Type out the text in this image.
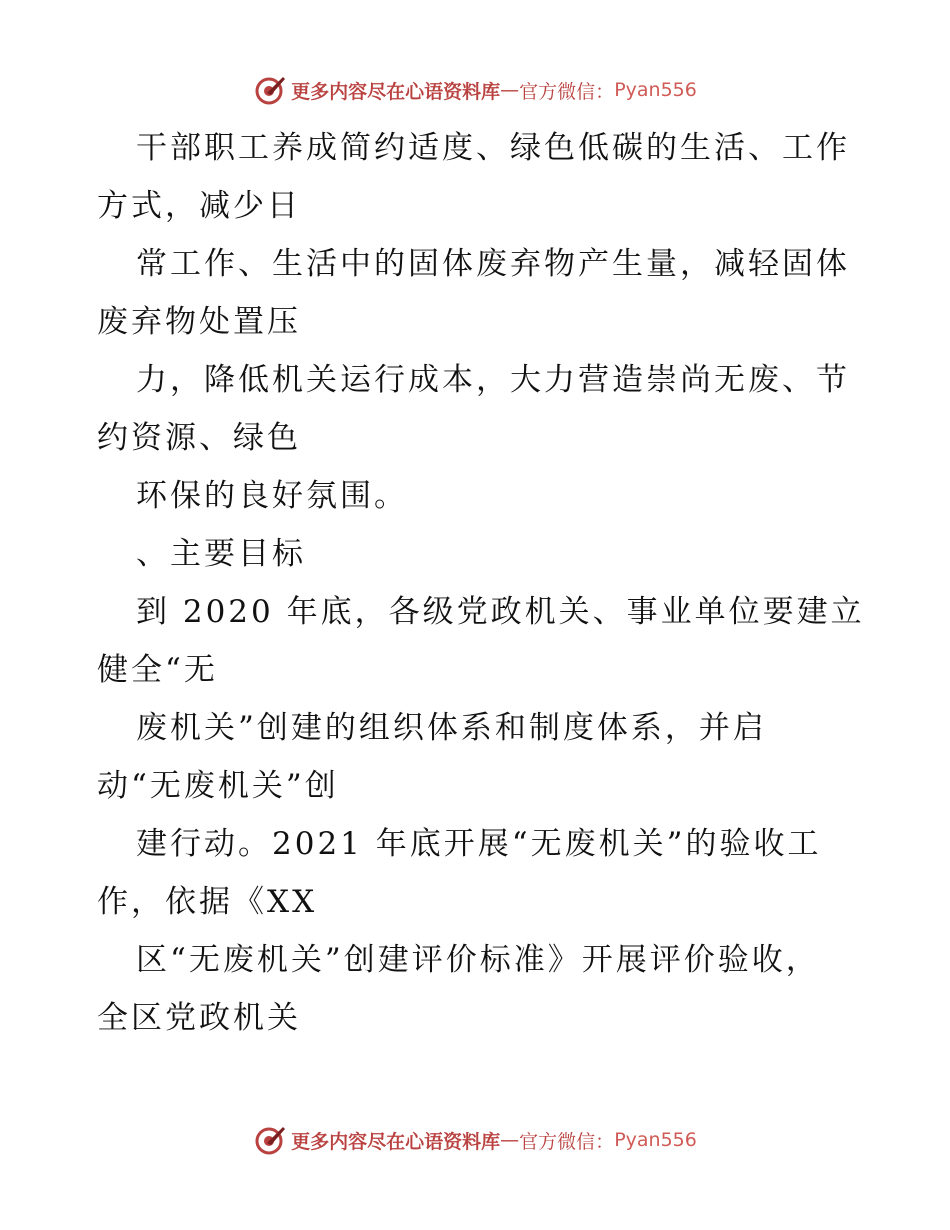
更多内容尽在心语资料库 — 官方微信： Pyan556
干部职工养成简约适度、绿色低碳的生活、工作
方式，减少日
常工作、生活中的固体废弃物产生量，减轻固体
废弃物处置压
力，降低机关运行成本，大力营造崇尚无废、节
约资源、绿色
环保的良好氛围。
、主要目标
到 2020 年底，各级党政机关、事业单位要建立
健全“无
废机关”创建的组织体系和制度体系，并启
动“无废机关”创
建行动。2021 年底开展“无废机关”的验收工
作，依据《XX
区“无废机关”创建评价标准》开展评价验收，
全区党政机关
更多内容尽在心语资料库 — 官方微信： Pyan556
